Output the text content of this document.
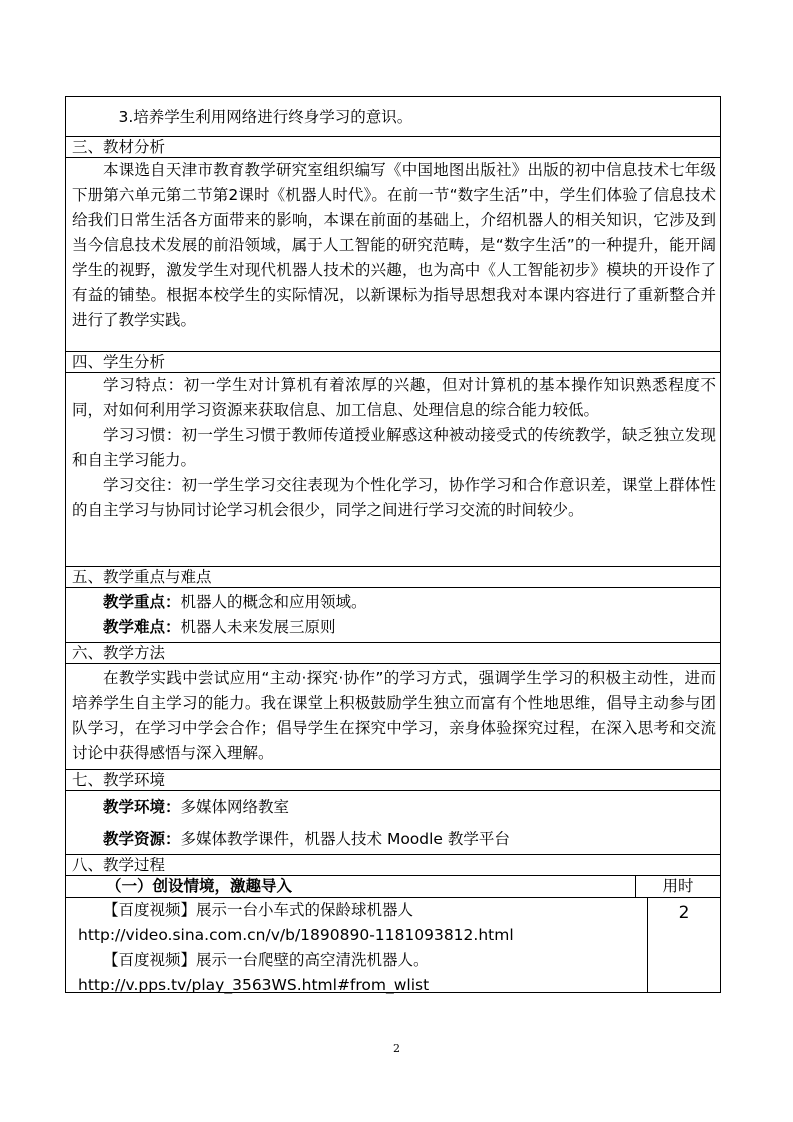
3.培养学生利用网络进行终身学习的意识。

三、教材分析

本课选自天津市教育教学研究室组织编写《中国地图出版社》出版的初中信息技术七年级下册第六单元第二节第2课时《机器人时代》。在前一节“数字生活”中，学生们体验了信息技术给我们日常生活各方面带来的影响，本课在前面的基础上，介绍机器人的相关知识，它涉及到当今信息技术发展的前沿领域，属于人工智能的研究范畴，是“数字生活”的一种提升，能开阔学生的视野，激发学生对现代机器人技术的兴趣，也为高中《人工智能初步》模块的开设作了有益的铺垫。根据本校学生的实际情况，以新课标为指导思想我对本课内容进行了重新整合并进行了教学实践。

四、学生分析

学习特点：初一学生对计算机有着浓厚的兴趣，但对计算机的基本操作知识熟悉程度不同，对如何利用学习资源来获取信息、加工信息、处理信息的综合能力较低。

学习习惯：初一学生习惯于教师传道授业解惑这种被动接受式的传统教学，缺乏独立发现和自主学习能力。

学习交往：初一学生学习交往表现为个性化学习，协作学习和合作意识差，课堂上群体性的自主学习与协同讨论学习机会很少，同学之间进行学习交流的时间较少。

五、教学重点与难点

教学重点：机器人的概念和应用领域。

教学难点：机器人未来发展三原则

六、教学方法

在教学实践中尝试应用“主动·探究·协作”的学习方式，强调学生学习的积极主动性，进而培养学生自主学习的能力。我在课堂上积极鼓励学生独立而富有个性地思维，倡导主动参与团队学习，在学习中学会合作；倡导学生在探究中学习，亲身体验探究过程，在深入思考和交流讨论中获得感悟与深入理解。

七、教学环境

教学环境：多媒体网络教室

教学资源：多媒体教学课件，机器人技术 Moodle 教学平台

八、教学过程
（一）创设情境，激趣导入	用时

【百度视频】展示一台小车式的保龄球机器人

http://video.sina.com.cn/v/b/1890890-1181093812.html

【百度视频】展示一台爬壁的高空清洗机器人。

http://v.pps.tv/play_3563WS.html#from_wlist

2
2
